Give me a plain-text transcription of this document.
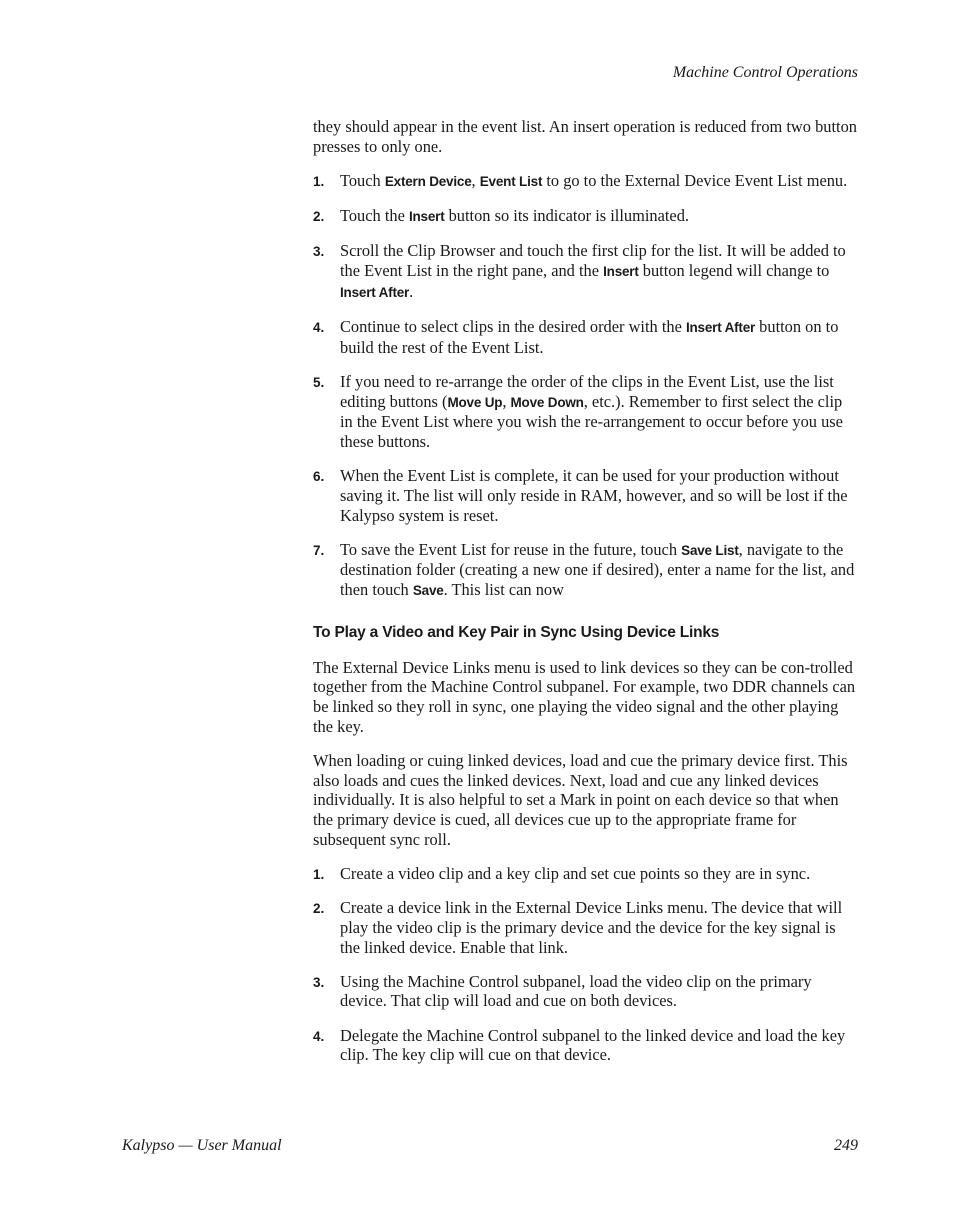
Machine Control Operations

they should appear in the event list. An insert operation is reduced from two button presses to only one.

1. Touch Extern Device, Event List to go to the External Device Event List menu.
2. Touch the Insert button so its indicator is illuminated.
3. Scroll the Clip Browser and touch the first clip for the list. It will be added to the Event List in the right pane, and the Insert button legend will change to Insert After.
4. Continue to select clips in the desired order with the Insert After button on to build the rest of the Event List.
5. If you need to re-arrange the order of the clips in the Event List, use the list editing buttons (Move Up, Move Down, etc.). Remember to first select the clip in the Event List where you wish the re-arrangement to occur before you use these buttons.
6. When the Event List is complete, it can be used for your production without saving it. The list will only reside in RAM, however, and so will be lost if the Kalypso system is reset.
7. To save the Event List for reuse in the future, touch Save List, navigate to the destination folder (creating a new one if desired), enter a name for the list, and then touch Save. This list can now
To Play a Video and Key Pair in Sync Using Device Links

The External Device Links menu is used to link devices so they can be con-trolled together from the Machine Control subpanel. For example, two DDR channels can be linked so they roll in sync, one playing the video signal and the other playing the key.

When loading or cuing linked devices, load and cue the primary device first. This also loads and cues the linked devices. Next, load and cue any linked devices individually. It is also helpful to set a Mark in point on each device so that when the primary device is cued, all devices cue up to the appropriate frame for subsequent sync roll.

1. Create a video clip and a key clip and set cue points so they are in sync.
2. Create a device link in the External Device Links menu. The device that will play the video clip is the primary device and the device for the key signal is the linked device. Enable that link.
3. Using the Machine Control subpanel, load the video clip on the primary device. That clip will load and cue on both devices.
4. Delegate the Machine Control subpanel to the linked device and load the key clip. The key clip will cue on that device.
Kalypso — User Manual	249
